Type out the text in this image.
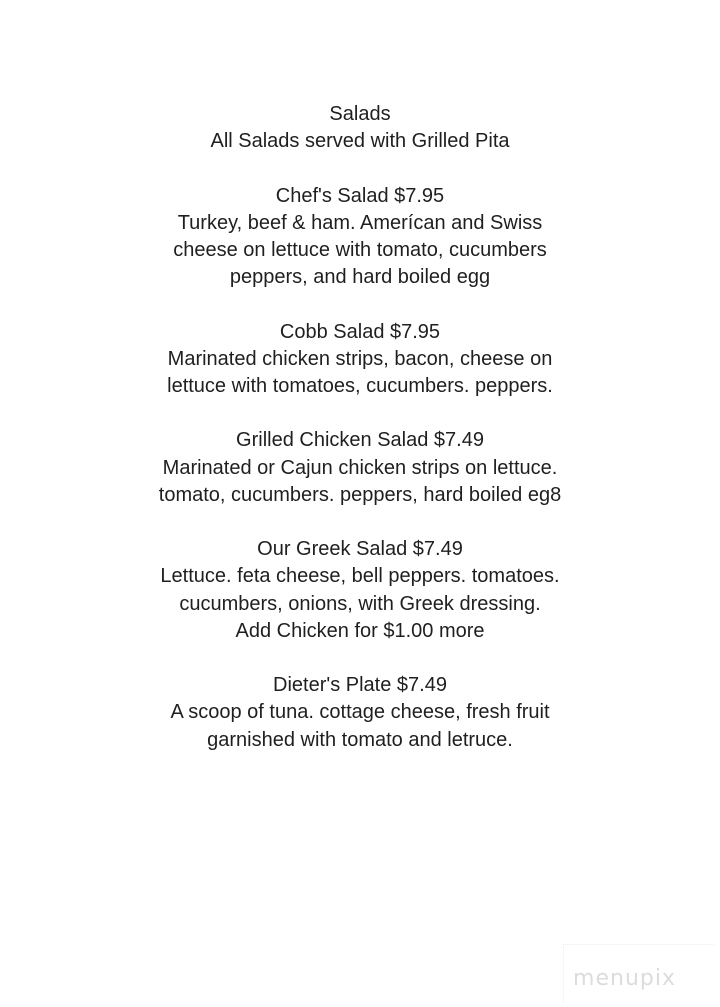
Salads
All Salads served with Grilled Pita
Chef's Salad $7.95
Turkey, beef & ham. Amerícan and Swiss
cheese on lettuce with tomato, cucumbers
peppers, and hard boiled egg
Cobb Salad $7.95
Marinated chicken strips, bacon, cheese on
lettuce with tomatoes, cucumbers. peppers.
Grilled Chicken Salad $7.49
Marinated or Cajun chicken strips on lettuce.
tomato, cucumbers. peppers, hard boiled eg8
Our Greek Salad $7.49
Lettuce. feta cheese, bell peppers. tomatoes.
cucumbers, onions, with Greek dressing.
Add Chicken for $1.00 more
Dieter's Plate $7.49
A scoop of tuna. cottage cheese, fresh fruit
garnished with tomato and letruce.
menupix
